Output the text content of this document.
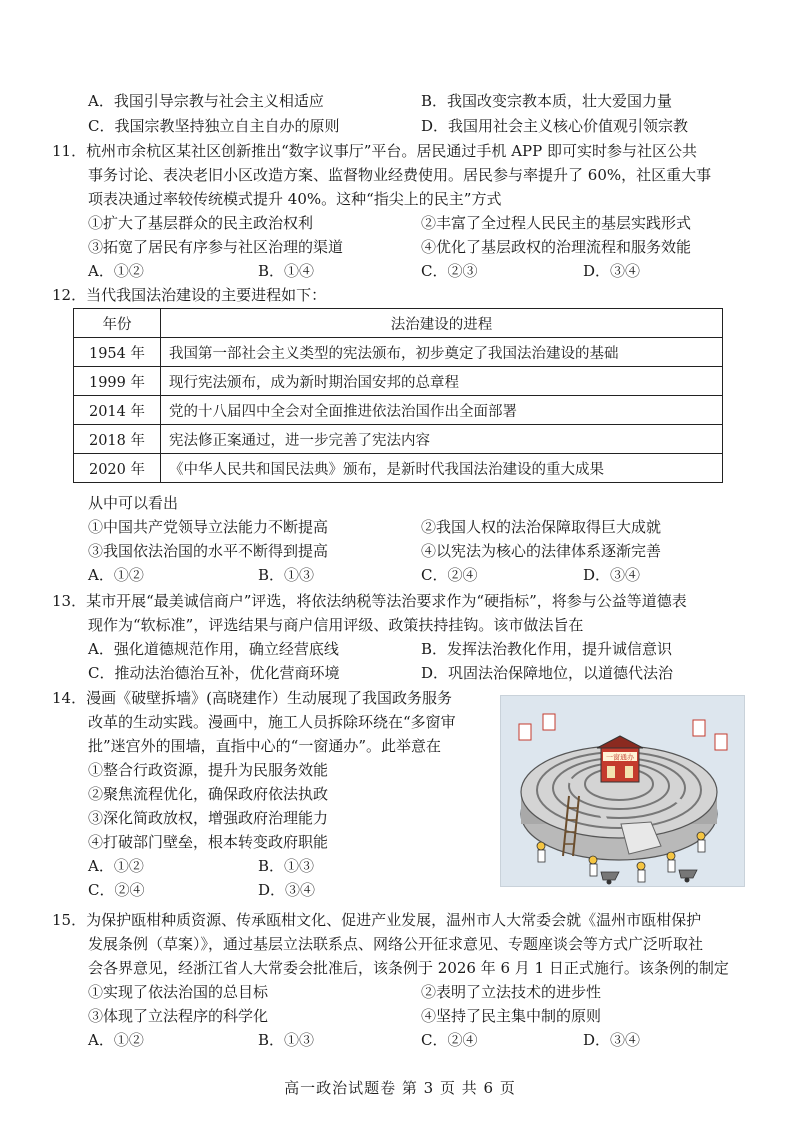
A．我国引导宗教与社会主义相适应	B．我国改变宗教本质，壮大爱国力量
C．我国宗教坚持独立自主自办的原则	D．我国用社会主义核心价值观引领宗教
11．杭州市余杭区某社区创新推出“数字议事厅”平台。居民通过手机 APP 即可实时参与社区公共
事务讨论、表决老旧小区改造方案、监督物业经费使用。居民参与率提升了 60%，社区重大事
项表决通过率较传统模式提升 40%。这种“指尖上的民主”方式
①扩大了基层群众的民主政治权利	②丰富了全过程人民民主的基层实践形式
③拓宽了居民有序参与社区治理的渠道	④优化了基层政权的治理流程和服务效能
A．①②	B．①④	C．②③	D．③④
12．当代我国法治建设的主要进程如下：
年份	法治建设的进程
1954 年	我国第一部社会主义类型的宪法颁布，初步奠定了我国法治建设的基础
1999 年	现行宪法颁布，成为新时期治国安邦的总章程
2014 年	党的十八届四中全会对全面推进依法治国作出全面部署
2018 年	宪法修正案通过，进一步完善了宪法内容
2020 年	《中华人民共和国民法典》颁布，是新时代我国法治建设的重大成果
从中可以看出
①中国共产党领导立法能力不断提高	②我国人权的法治保障取得巨大成就
③我国依法治国的水平不断得到提高	④以宪法为核心的法律体系逐渐完善
A．①②	B．①③	C．②④	D．③④
13．某市开展“最美诚信商户”评选，将依法纳税等法治要求作为“硬指标”，将参与公益等道德表
现作为“软标准”，评选结果与商户信用评级、政策扶持挂钩。该市做法旨在
A．强化道德规范作用，确立经营底线	B．发挥法治教化作用，提升诚信意识
C．推动法治德治互补，优化营商环境	D．巩固法治保障地位，以道德代法治
14．漫画《破壁拆墙》(高晓建作）生动展现了我国政务服务
改革的生动实践。漫画中，施工人员拆除环绕在“多窗审
批”迷宫外的围墙，直指中心的“一窗通办”。此举意在
①整合行政资源，提升为民服务效能
②聚焦流程优化，确保政府依法执政
③深化简政放权，增强政府治理能力
④打破部门壁垒，根本转变政府职能
A．①②	B．①③
C．②④	D．③④
一窗通办
15．为保护瓯柑种质资源、传承瓯柑文化、促进产业发展，温州市人大常委会就《温州市瓯柑保护
发展条例（草案）》，通过基层立法联系点、网络公开征求意见、专题座谈会等方式广泛听取社
会各界意见，经浙江省人大常委会批准后，该条例于 2026 年 6 月 1 日正式施行。该条例的制定
①实现了依法治国的总目标	②表明了立法技术的进步性
③体现了立法程序的科学化	④坚持了民主集中制的原则
A．①②	B．①③	C．②④	D．③④
高一政治试题卷 第 3 页 共 6 页
